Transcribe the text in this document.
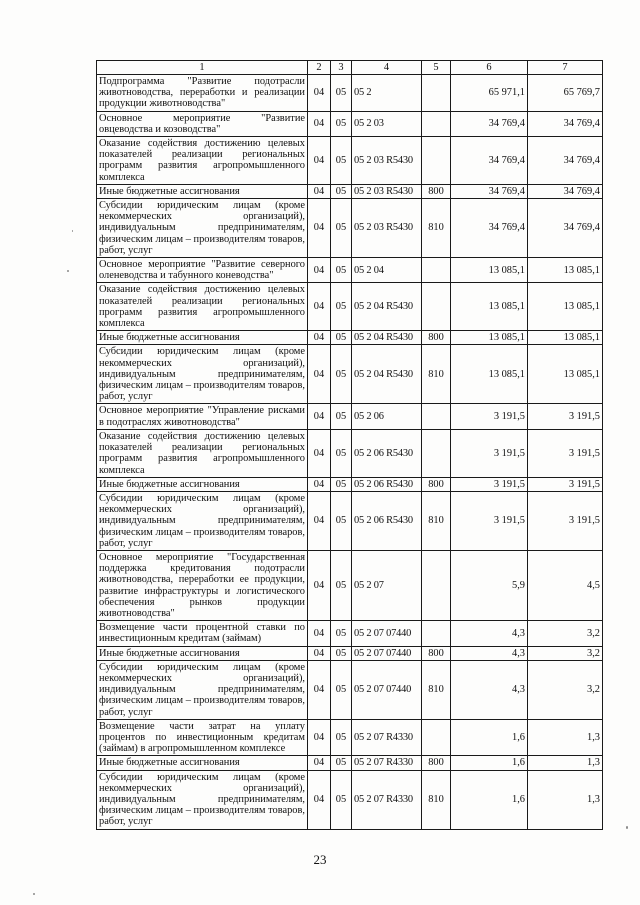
1	2	3	4	5	6	7
Подпрограмма "Развитие подотрасли животноводства, переработки и реализации продукции животноводства"	04	05	05 2		65 971,1	65 769,7
Основное мероприятие "Развитие овцеводства и козоводства"	04	05	05 2 03		34 769,4	34 769,4
Оказание содействия достижению целевых показателей реализации региональных программ развития агропромышленного комплекса	04	05	05 2 03 R5430		34 769,4	34 769,4
Иные бюджетные ассигнования	04	05	05 2 03 R5430	800	34 769,4	34 769,4
Субсидии юридическим лицам (кроме некоммерческих организаций), индивидуальным предпринимателям, физическим лицам – производителям товаров, работ, услуг	04	05	05 2 03 R5430	810	34 769,4	34 769,4
Основное мероприятие "Развитие северного оленеводства и табунного коневодства"	04	05	05 2 04		13 085,1	13 085,1
Оказание содействия достижению целевых показателей реализации региональных программ развития агропромышленного комплекса	04	05	05 2 04 R5430		13 085,1	13 085,1
Иные бюджетные ассигнования	04	05	05 2 04 R5430	800	13 085,1	13 085,1
Субсидии юридическим лицам (кроме некоммерческих организаций), индивидуальным предпринимателям, физическим лицам – производителям товаров, работ, услуг	04	05	05 2 04 R5430	810	13 085,1	13 085,1
Основное мероприятие "Управление рисками в подотраслях животноводства"	04	05	05 2 06		3 191,5	3 191,5
Оказание содействия достижению целевых показателей реализации региональных программ развития агропромышленного комплекса	04	05	05 2 06 R5430		3 191,5	3 191,5
Иные бюджетные ассигнования	04	05	05 2 06 R5430	800	3 191,5	3 191,5
Субсидии юридическим лицам (кроме некоммерческих организаций), индивидуальным предпринимателям, физическим лицам – производителям товаров, работ, услуг	04	05	05 2 06 R5430	810	3 191,5	3 191,5
Основное мероприятие "Государственная поддержка кредитования подотрасли животноводства, переработки ее продукции, развитие инфраструктуры и логистического обеспечения рынков продукции животноводства"	04	05	05 2 07		5,9	4,5
Возмещение части процентной ставки по инвестиционным кредитам (займам)	04	05	05 2 07 07440		4,3	3,2
Иные бюджетные ассигнования	04	05	05 2 07 07440	800	4,3	3,2
Субсидии юридическим лицам (кроме некоммерческих организаций), индивидуальным предпринимателям, физическим лицам – производителям товаров, работ, услуг	04	05	05 2 07 07440	810	4,3	3,2
Возмещение части затрат на уплату процентов по инвестиционным кредитам (займам) в агропромышленном комплексе	04	05	05 2 07 R4330		1,6	1,3
Иные бюджетные ассигнования	04	05	05 2 07 R4330	800	1,6	1,3
Субсидии юридическим лицам (кроме некоммерческих организаций), индивидуальным предпринимателям, физическим лицам – производителям товаров, работ, услуг	04	05	05 2 07 R4330	810	1,6	1,3
23
